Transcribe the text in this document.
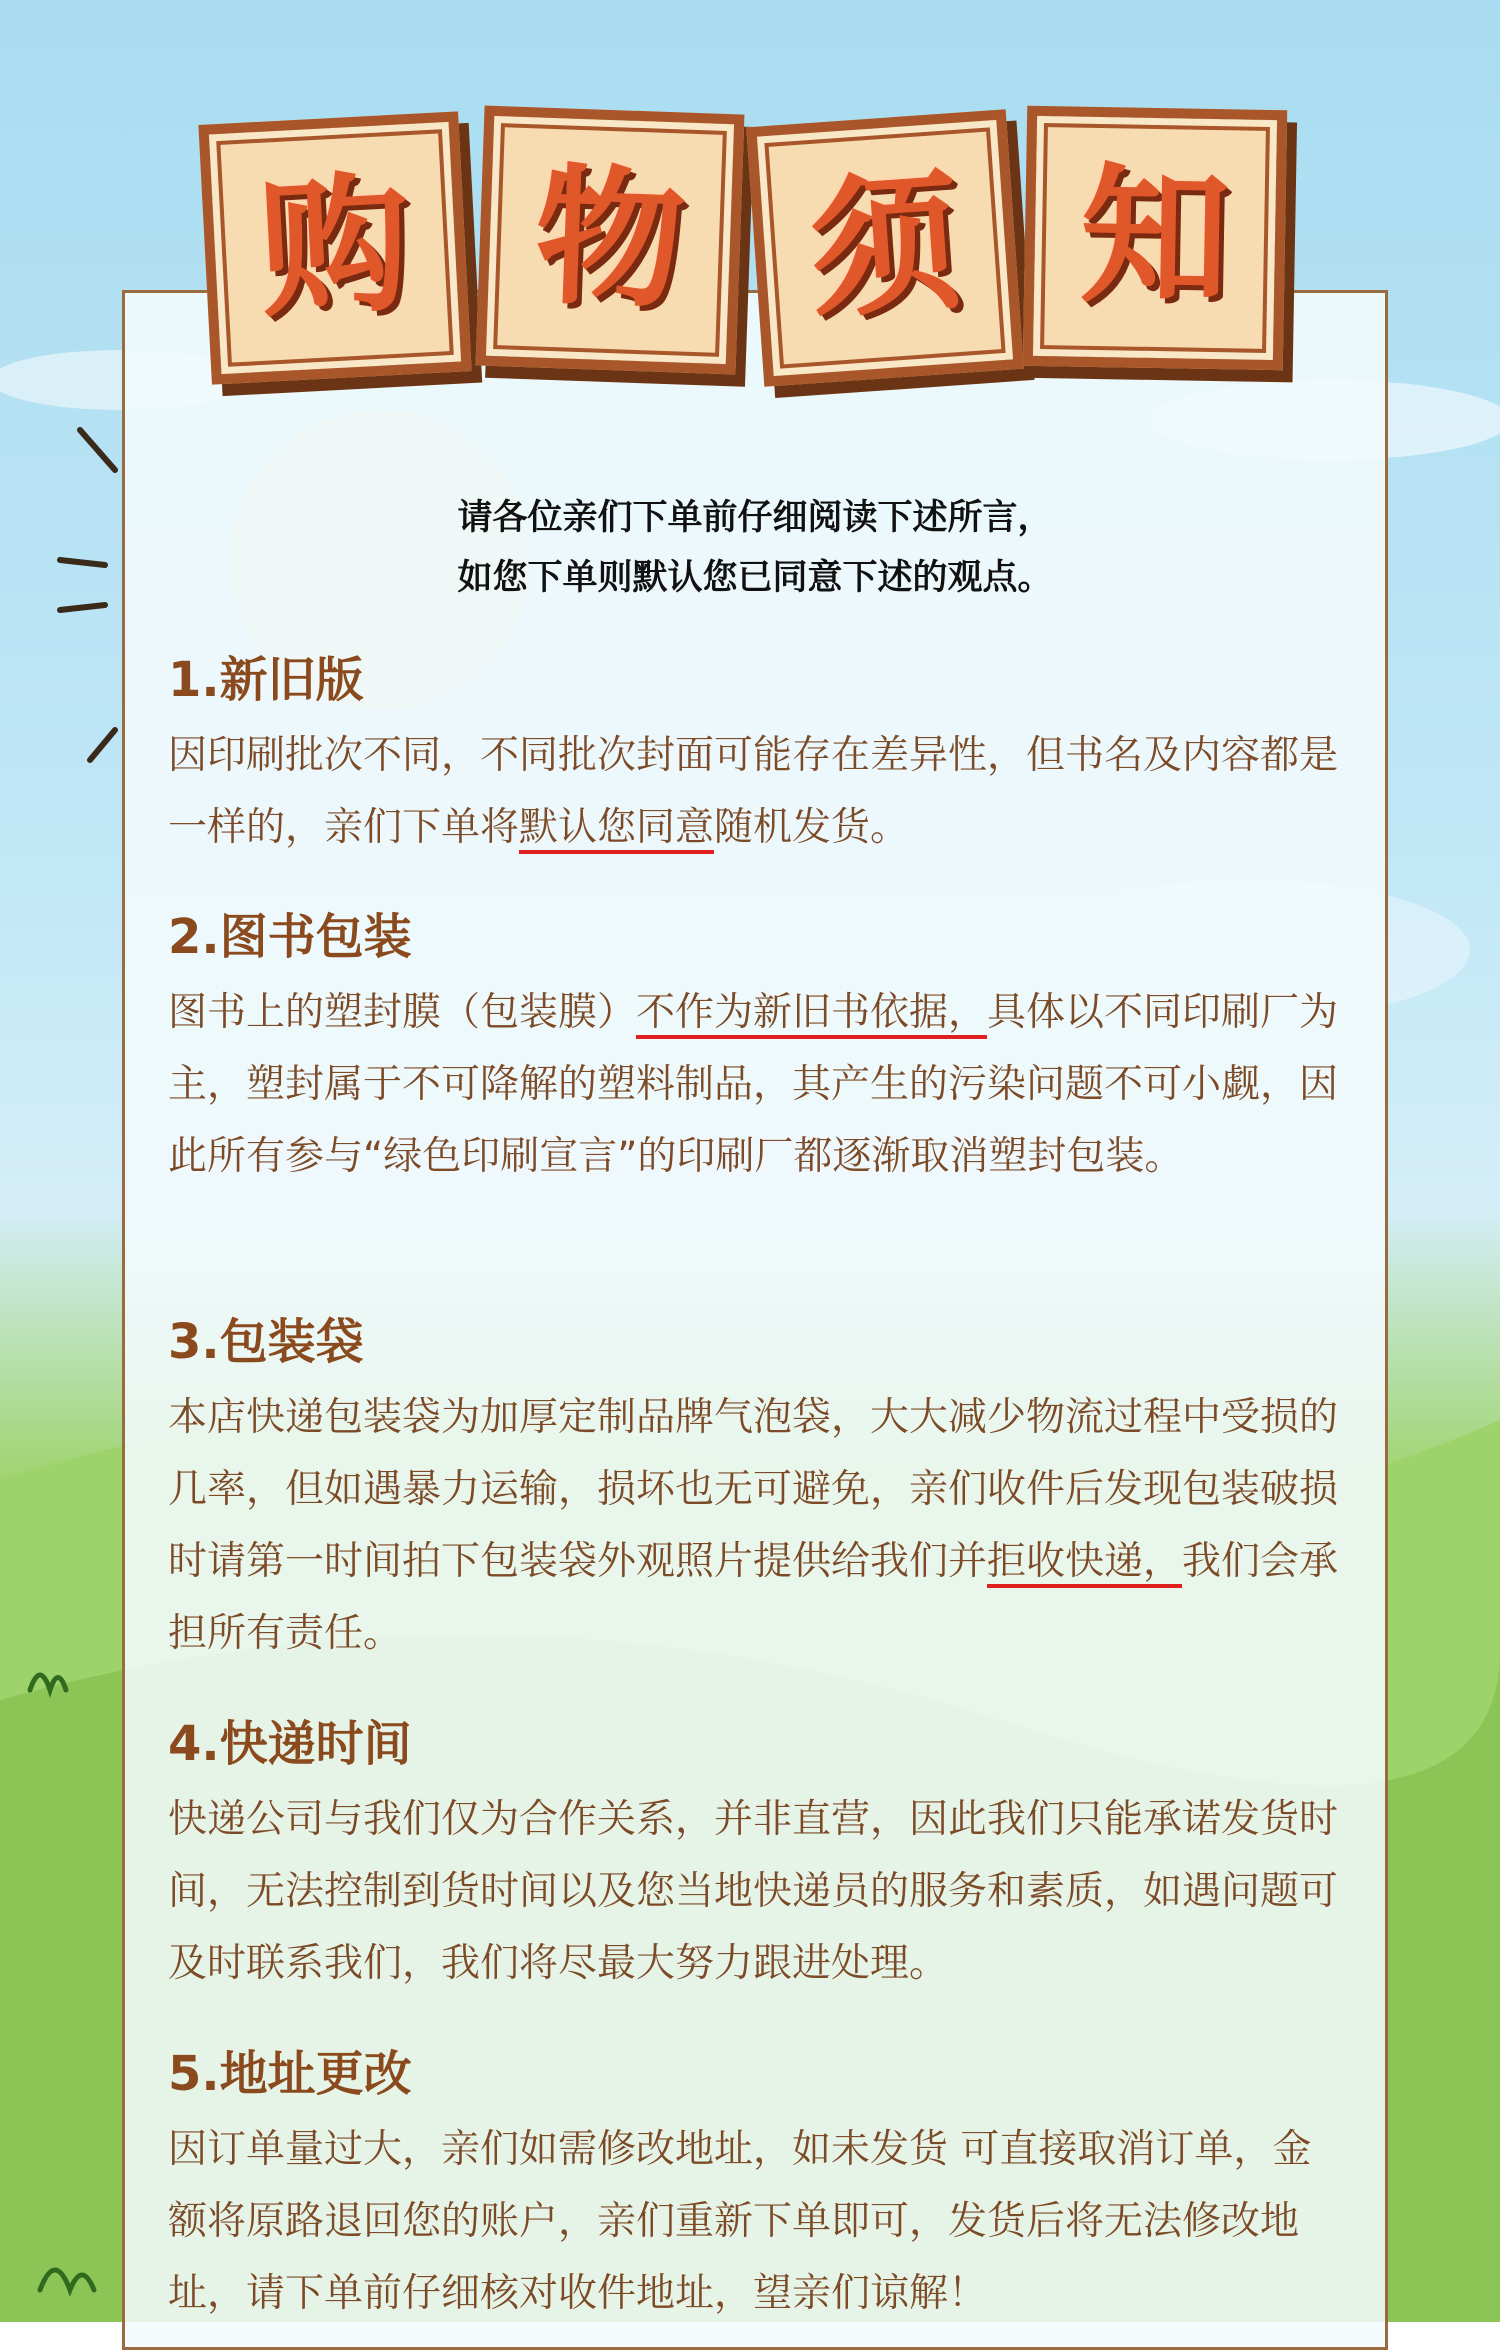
购 物 须 知

请各位亲们下单前仔细阅读下述所言，

如您下单则默认您已同意下述的观点。

1.新旧版

因印刷批次不同，不同批次封面可能存在差异性，但书名及内容都是一样的，亲们下单将默认您同意随机发货。

2.图书包装

图书上的塑封膜（包装膜）不作为新旧书依据，具体以不同印刷厂为主，塑封属于不可降解的塑料制品，其产生的污染问题不可小觑，因此所有参与“绿色印刷宣言”的印刷厂都逐渐取消塑封包装。

3.包装袋

本店快递包装袋为加厚定制品牌气泡袋，大大减少物流过程中受损的几率，但如遇暴力运输，损坏也无可避免，亲们收件后发现包装破损时请第一时间拍下包装袋外观照片提供给我们并拒收快递，我们会承担所有责任。

4.快递时间

快递公司与我们仅为合作关系，并非直营，因此我们只能承诺发货时间，无法控制到货时间以及您当地快递员的服务和素质，如遇问题可及时联系我们，我们将尽最大努力跟进处理。

5.地址更改

因订单量过大，亲们如需修改地址，如未发货 可直接取消订单，金额将原路退回您的账户，亲们重新下单即可，发货后将无法修改地址，请下单前仔细核对收件地址，望亲们谅解！
